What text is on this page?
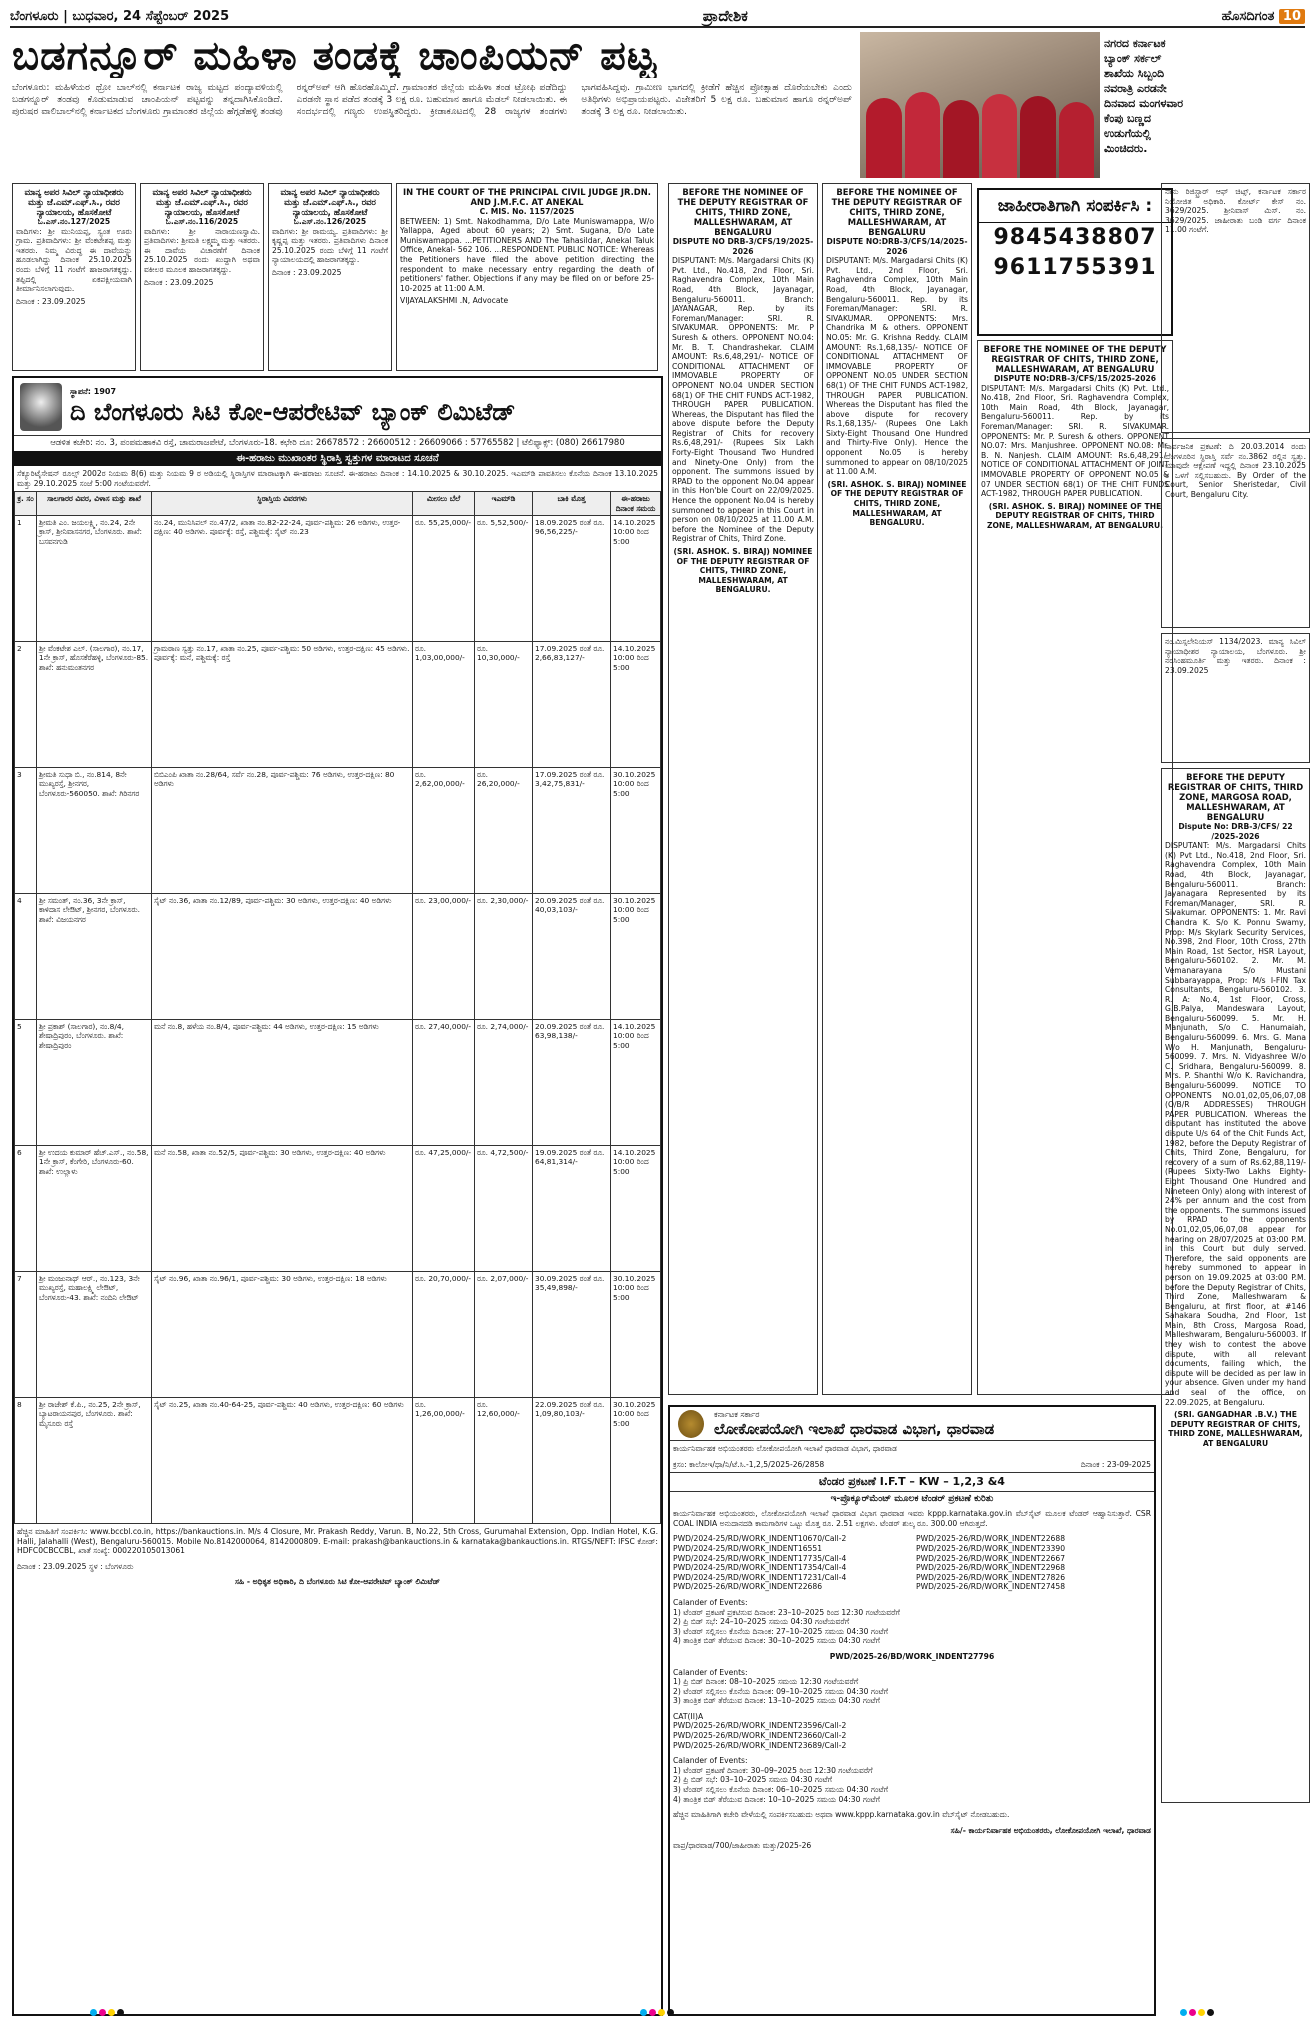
ಬೆಂಗಳೂರು | ಬುಧವಾರ, 24 ಸೆಪ್ಟೆಂಬರ್ 2025	ಪ್ರಾದೇಶಿಕ	ಹೊಸದಿಗಂತ 10
ಬಡಗನ್ನೂರ್ ಮಹಿಳಾ ತಂಡಕ್ಕೆ ಚಾಂಪಿಯನ್ ಪಟ್ಟ
ಬೆಂಗಳೂರು: ಮಹಿಳೆಯರ ಥ್ರೋ ಬಾಲ್‌ನಲ್ಲಿ ಕರ್ನಾಟಕ ರಾಜ್ಯ ಮಟ್ಟದ ಪಂದ್ಯಾವಳಿಯಲ್ಲಿ ಬಡಗನ್ನೂರ್ ತಂಡವು ಕೊಡುಮಾಡುವ ಚಾಂಪಿಯನ್ ಪಟ್ಟವನ್ನು ತನ್ನದಾಗಿಸಿಕೊಂಡಿದೆ. ಪುರುಷರ ವಾಲಿಬಾಲ್‌ನಲ್ಲಿ ಕರ್ನಾಟಕದ ಬೆಂಗಳೂರು ಗ್ರಾಮಾಂತರ ಜಿಲ್ಲೆಯ ಹೆಗ್ಗಡೆಹಳ್ಳಿ ತಂಡವು ರನ್ನರ್‌ಅಪ್ ಆಗಿ ಹೊರಹೊಮ್ಮಿದೆ. ಗ್ರಾಮಾಂತರ ಜಿಲ್ಲೆಯ ಮಹಿಳಾ ತಂಡ ಟ್ರೋಫಿ ಪಡೆದಿದ್ದು ಎರಡನೇ ಸ್ಥಾನ ಪಡೆದ ತಂಡಕ್ಕೆ 3 ಲಕ್ಷ ರೂ. ಬಹುಮಾನ ಹಾಗೂ ಮೆಡಲ್ ನೀಡಲಾಯಿತು. ಈ ಸಂದರ್ಭದಲ್ಲಿ ಗಣ್ಯರು ಉಪಸ್ಥಿತರಿದ್ದರು. ಕ್ರೀಡಾಕೂಟದಲ್ಲಿ 28 ರಾಜ್ಯಗಳ ತಂಡಗಳು ಭಾಗವಹಿಸಿದ್ದವು. ಗ್ರಾಮೀಣ ಭಾಗದಲ್ಲಿ ಕ್ರೀಡೆಗೆ ಹೆಚ್ಚಿನ ಪ್ರೋತ್ಸಾಹ ದೊರೆಯಬೇಕು ಎಂದು ಅತಿಥಿಗಳು ಅಭಿಪ್ರಾಯಪಟ್ಟರು. ವಿಜೇತರಿಗೆ 5 ಲಕ್ಷ ರೂ. ಬಹುಮಾನ ಹಾಗೂ ರನ್ನರ್‌ಅಪ್ ತಂಡಕ್ಕೆ 3 ಲಕ್ಷ ರೂ. ನೀಡಲಾಯಿತು.
ನಗರದ ಕರ್ನಾಟಕ ಬ್ಯಾಂಕ್ ಸರ್ಕಲ್ ಶಾಖೆಯ ಸಿಬ್ಬಂದಿ ನವರಾತ್ರಿ ಎರಡನೇ ದಿನವಾದ ಮಂಗಳವಾರ ಕೆಂಪು ಬಣ್ಣದ ಉಡುಗೆಯಲ್ಲಿ ಮಿಂಚಿದರು.
ಮಾನ್ಯ ಅಪರ ಸಿವಿಲ್ ನ್ಯಾಯಾಧೀಶರು ಮತ್ತು ಜೆ.ಎಮ್.ಎಫ್.ಸಿ., ರವರ ನ್ಯಾಯಾಲಯ, ಹೊಸಕೋಟೆ
ಓ.ಎಸ್.ನಂ.127/2025

ವಾದಿಗಳು: ಶ್ರೀ ಮುನಿಯಪ್ಪ, ಸ್ವಂತ ಊರು ಗ್ರಾಮ. ಪ್ರತಿವಾದಿಗಳು: ಶ್ರೀ ವೆಂಕಟೇಶಪ್ಪ ಮತ್ತು ಇತರರು. ನಿಮ್ಮ ವಿರುದ್ಧ ಈ ದಾವೆಯನ್ನು ಹೂಡಲಾಗಿದ್ದು ದಿನಾಂಕ 25.10.2025 ರಂದು ಬೆಳಿಗ್ಗೆ 11 ಗಂಟೆಗೆ ಹಾಜರಾಗತಕ್ಕದ್ದು. ತಪ್ಪಿದಲ್ಲಿ ಏಕಪಕ್ಷೀಯವಾಗಿ ತೀರ್ಮಾನಿಸಲಾಗುವುದು.

ದಿನಾಂಕ : 23.09.2025

ಮಾನ್ಯ ಅಪರ ಸಿವಿಲ್ ನ್ಯಾಯಾಧೀಶರು ಮತ್ತು ಜೆ.ಎಮ್.ಎಫ್.ಸಿ., ರವರ ನ್ಯಾಯಾಲಯ, ಹೊಸಕೋಟೆ
ಓ.ಎಸ್.ನಂ.116/2025

ವಾದಿಗಳು: ಶ್ರೀ ನಾರಾಯಣಸ್ವಾಮಿ. ಪ್ರತಿವಾದಿಗಳು: ಶ್ರೀಮತಿ ಲಕ್ಷ್ಮಮ್ಮ ಮತ್ತು ಇತರರು. ಈ ದಾವೆಯ ವಿಚಾರಣೆಗೆ ದಿನಾಂಕ 25.10.2025 ರಂದು ಖುದ್ದಾಗಿ ಅಥವಾ ವಕೀಲರ ಮೂಲಕ ಹಾಜರಾಗತಕ್ಕದ್ದು.

ದಿನಾಂಕ : 23.09.2025

ಮಾನ್ಯ ಅಪರ ಸಿವಿಲ್ ನ್ಯಾಯಾಧೀಶರು ಮತ್ತು ಜೆ.ಎಮ್.ಎಫ್.ಸಿ., ರವರ ನ್ಯಾಯಾಲಯ, ಹೊಸಕೋಟೆ
ಓ.ಎಸ್.ನಂ.126/2025

ವಾದಿಗಳು: ಶ್ರೀ ರಾಮಯ್ಯ. ಪ್ರತಿವಾದಿಗಳು: ಶ್ರೀ ಕೃಷ್ಣಪ್ಪ ಮತ್ತು ಇತರರು. ಪ್ರತಿವಾದಿಗಳು ದಿನಾಂಕ 25.10.2025 ರಂದು ಬೆಳಿಗ್ಗೆ 11 ಗಂಟೆಗೆ ನ್ಯಾಯಾಲಯದಲ್ಲಿ ಹಾಜರಾಗತಕ್ಕದ್ದು.

ದಿನಾಂಕ : 23.09.2025

IN THE COURT OF THE PRINCIPAL CIVIL JUDGE JR.DN. AND J.M.F.C. AT ANEKAL
C. MIS. No. 1157/2025

BETWEEN: 1) Smt. Nakodhamma, D/o Late Muniswamappa, W/o Yallappa, Aged about 60 years; 2) Smt. Sugana, D/o Late Muniswamappa. ...PETITIONERS AND The Tahasildar, Anekal Taluk Office, Anekal- 562 106. ...RESPONDENT. PUBLIC NOTICE: Whereas the Petitioners have filed the above petition directing the respondent to make necessary entry regarding the death of petitioners' father. Objections if any may be filed on or before 25-10-2025 at 11:00 A.M.

VIJAYALAKSHMI .N, Advocate

BEFORE THE NOMINEE OF THE DEPUTY REGISTRAR OF CHITS, THIRD ZONE, MALLESHWARAM, AT BENGALURU
DISPUTE NO DRB-3/CFS/19/2025-2026

DISPUTANT: M/s. Margadarsi Chits (K) Pvt. Ltd., No.418, 2nd Floor, Sri. Raghavendra Complex, 10th Main Road, 4th Block, Jayanagar, Bengaluru-560011. Branch: JAYANAGAR, Rep. by its Foreman/Manager: SRI. R. SIVAKUMAR. OPPONENTS: Mr. P Suresh & others. OPPONENT NO.04: Mr. B. T. Chandrashekar. CLAIM AMOUNT: Rs.6,48,291/- NOTICE OF CONDITIONAL ATTACHMENT OF IMMOVABLE PROPERTY OF OPPONENT NO.04 UNDER SECTION 68(1) OF THE CHIT FUNDS ACT-1982, THROUGH PAPER PUBLICATION. Whereas, the Disputant has filed the above dispute before the Deputy Registrar of Chits for recovery Rs.6,48,291/- (Rupees Six Lakh Forty-Eight Thousand Two Hundred and Ninety-One Only) from the opponent. The summons issued by RPAD to the opponent No.04 appear in this Hon'ble Court on 22/09/2025. Hence the opponent No.04 is hereby summoned to appear in this Court in person on 08/10/2025 at 11.00 A.M. before the Nominee of the Deputy Registrar of Chits, Third Zone.

(SRI. ASHOK. S. BIRAJ) NOMINEE OF THE DEPUTY REGISTRAR OF CHITS, THIRD ZONE, MALLESHWARAM, AT BENGALURU.

BEFORE THE NOMINEE OF THE DEPUTY REGISTRAR OF CHITS, THIRD ZONE, MALLESHWARAM, AT BENGALURU
DISPUTE NO:DRB-3/CFS/14/2025-2026

DISPUTANT: M/s. Margadarsi Chits (K) Pvt. Ltd., 2nd Floor, Sri. Raghavendra Complex, 10th Main Road, 4th Block, Jayanagar, Bengaluru-560011. Rep. by its Foreman/Manager: SRI. R. SIVAKUMAR. OPPONENTS: Mrs. Chandrika M & others. OPPONENT NO.05: Mr. G. Krishna Reddy. CLAIM AMOUNT: Rs.1,68,135/- NOTICE OF CONDITIONAL ATTACHMENT OF IMMOVABLE PROPERTY OF OPPONENT NO.05 UNDER SECTION 68(1) OF THE CHIT FUNDS ACT-1982, THROUGH PAPER PUBLICATION. Whereas the Disputant has filed the above dispute for recovery Rs.1,68,135/- (Rupees One Lakh Sixty-Eight Thousand One Hundred and Thirty-Five Only). Hence the opponent No.05 is hereby summoned to appear on 08/10/2025 at 11.00 A.M.

(SRI. ASHOK. S. BIRAJ) NOMINEE OF THE DEPUTY REGISTRAR OF CHITS, THIRD ZONE, MALLESHWARAM, AT BENGALURU.

ಜಾಹೀರಾತಿಗಾಗಿ ಸಂಪರ್ಕಿಸಿ :
9845438807
9611755391
BEFORE THE NOMINEE OF THE DEPUTY REGISTRAR OF CHITS, THIRD ZONE, MALLESHWARAM, AT BENGALURU
DISPUTE NO:DRB-3/CFS/15/2025-2026

DISPUTANT: M/s. Margadarsi Chits (K) Pvt. Ltd., No.418, 2nd Floor, Sri. Raghavendra Complex, 10th Main Road, 4th Block, Jayanagar, Bengaluru-560011. Rep. by its Foreman/Manager: SRI. R. SIVAKUMAR. OPPONENTS: Mr. P. Suresh & others. OPPONENT NO.07: Mrs. Manjushree. OPPONENT NO.08: Mr. B. N. Nanjesh. CLAIM AMOUNT: Rs.6,48,291/- NOTICE OF CONDITIONAL ATTACHMENT OF JOINT IMMOVABLE PROPERTY OF OPPONENT NO.05 & 07 UNDER SECTION 68(1) OF THE CHIT FUNDS ACT-1982, THROUGH PAPER PUBLICATION.

(SRI. ASHOK. S. BIRAJ) NOMINEE OF THE DEPUTY REGISTRAR OF CHITS, THIRD ZONE, MALLESHWARAM, AT BENGALURU.

ಸ್ಥಾಪನೆ: 1907
ದಿ ಬೆಂಗಳೂರು ಸಿಟಿ ಕೋ-ಆಪರೇಟಿವ್ ಬ್ಯಾಂಕ್ ಲಿಮಿಟೆಡ್
ಆಡಳಿತ ಕಚೇರಿ: ನಂ. 3, ಪಂಪಮಹಾಕವಿ ರಸ್ತೆ, ಚಾಮರಾಜಪೇಟೆ, ಬೆಂಗಳೂರು-18. ಕಛೇರಿ ದೂ: 26678572 : 26600512 : 26609066 : 57765582 | ಟೆಲಿಫ್ಯಾಕ್ಸ್: (080) 26617980
ಈ-ಹರಾಜು ಮುಖಾಂತರ ಸ್ಥಿರಾಸ್ತಿ ಸ್ವತ್ತುಗಳ ಮಾರಾಟದ ಸೂಚನೆ
ಸೆಕ್ಯೂರಿಟೈಸೇಷನ್ ರೂಲ್ಸ್ 2002ರ ನಿಯಮ 8(6) ಮತ್ತು ನಿಯಮ 9 ರ ಅಡಿಯಲ್ಲಿ ಸ್ಥಿರಾಸ್ತಿಗಳ ಮಾರಾಟಕ್ಕಾಗಿ ಈ-ಹರಾಜು ಸೂಚನೆ. ಈ-ಹರಾಜು ದಿನಾಂಕ : 14.10.2025 & 30.10.2025. ಇಎಮ್‌ಡಿ ಪಾವತಿಸಲು ಕೊನೆಯ ದಿನಾಂಕ 13.10.2025 ಮತ್ತು 29.10.2025 ಸಂಜೆ 5:00 ಗಂಟೆಯವರೆಗೆ.
ಕ್ರ. ಸಂ	ಸಾಲಗಾರರ ವಿವರ, ವಿಳಾಸ ಮತ್ತು ಶಾಖೆ	ಸ್ಥಿರಾಸ್ತಿಯ ವಿವರಗಳು	ಮೀಸಲು ಬೆಲೆ	ಇಎಮ್‌ಡಿ	ಬಾಕಿ ಮೊತ್ತ	ಈ-ಹರಾಜು ದಿನಾಂಕ ಸಮಯ
1	ಶ್ರೀಮತಿ ಎಂ. ಜಯಲಕ್ಷ್ಮಿ, ನಂ.24, 2ನೇ ಕ್ರಾಸ್, ಶ್ರೀನಿವಾಸನಗರ, ಬೆಂಗಳೂರು. ಶಾಖೆ: ಬಸವನಗುಡಿ	ನಂ.24, ಮುನಿಸಿಪಲ್ ನಂ.47/2, ಖಾತಾ ನಂ.82-22-24, ಪೂರ್ವ-ಪಶ್ಚಿಮ: 26 ಅಡಿಗಳು, ಉತ್ತರ-ದಕ್ಷಿಣ: 40 ಅಡಿಗಳು. ಪೂರ್ವಕ್ಕೆ: ರಸ್ತೆ, ಪಶ್ಚಿಮಕ್ಕೆ: ಸೈಟ್ ನಂ.23	ರೂ. 55,25,000/-	ರೂ. 5,52,500/-	18.09.2025 ರಂತೆ ರೂ. 96,56,225/-	14.10.2025 10:00 ರಿಂದ 5:00
2	ಶ್ರೀ ವೆಂಕಟೇಶ ಎಲ್. (ಸಾಲಗಾರ), ನಂ.17, 1ನೇ ಕ್ರಾಸ್, ಹೊಸಕೆರೆಹಳ್ಳಿ, ಬೆಂಗಳೂರು-85. ಶಾಖೆ: ಹನುಮಂತನಗರ	ಗ್ರಾಮಠಾಣ ಸ್ವತ್ತು ನಂ.17, ಖಾತಾ ನಂ.25, ಪೂರ್ವ-ಪಶ್ಚಿಮ: 50 ಅಡಿಗಳು, ಉತ್ತರ-ದಕ್ಷಿಣ: 45 ಅಡಿಗಳು. ಪೂರ್ವಕ್ಕೆ: ಮನೆ, ಪಶ್ಚಿಮಕ್ಕೆ: ರಸ್ತೆ	ರೂ. 1,03,00,000/-	ರೂ. 10,30,000/-	17.09.2025 ರಂತೆ ರೂ. 2,66,83,127/-	14.10.2025 10:00 ರಿಂದ 5:00
3	ಶ್ರೀಮತಿ ಸುಧಾ ಬಿ., ನಂ.814, 8ನೇ ಮುಖ್ಯರಸ್ತೆ, ಶ್ರೀನಗರ, ಬೆಂಗಳೂರು-560050. ಶಾಖೆ: ಗಿರಿನಗರ	ಬಿಬಿಎಂಪಿ ಖಾತಾ ನಂ.28/64, ಸರ್ವೆ ನಂ.28, ಪೂರ್ವ-ಪಶ್ಚಿಮ: 76 ಅಡಿಗಳು, ಉತ್ತರ-ದಕ್ಷಿಣ: 80 ಅಡಿಗಳು	ರೂ. 2,62,00,000/-	ರೂ. 26,20,000/-	17.09.2025 ರಂತೆ ರೂ. 3,42,75,831/-	30.10.2025 10:00 ರಿಂದ 5:00
4	ಶ್ರೀ ಸಮಂತ್, ನಂ.36, 3ನೇ ಕ್ರಾಸ್, ಕಾಳಿದಾಸ ಲೇಔಟ್, ಶ್ರೀನಗರ, ಬೆಂಗಳೂರು. ಶಾಖೆ: ವಿಜಯನಗರ	ಸೈಟ್ ನಂ.36, ಖಾತಾ ನಂ.12/89, ಪೂರ್ವ-ಪಶ್ಚಿಮ: 30 ಅಡಿಗಳು, ಉತ್ತರ-ದಕ್ಷಿಣ: 40 ಅಡಿಗಳು	ರೂ. 23,00,000/-	ರೂ. 2,30,000/-	20.09.2025 ರಂತೆ ರೂ. 40,03,103/-	30.10.2025 10:00 ರಿಂದ 5:00
5	ಶ್ರೀ ಪ್ರಕಾಶ್ (ಸಾಲಗಾರ), ನಂ.8/4, ಶೇಷಾದ್ರಿಪುರಂ, ಬೆಂಗಳೂರು. ಶಾಖೆ: ಶೇಷಾದ್ರಿಪುರಂ	ಮನೆ ನಂ.8, ಹಳೆಯ ನಂ.8/4, ಪೂರ್ವ-ಪಶ್ಚಿಮ: 44 ಅಡಿಗಳು, ಉತ್ತರ-ದಕ್ಷಿಣ: 15 ಅಡಿಗಳು	ರೂ. 27,40,000/-	ರೂ. 2,74,000/-	20.09.2025 ರಂತೆ ರೂ. 63,98,138/-	14.10.2025 10:00 ರಿಂದ 5:00
6	ಶ್ರೀ ಉದಯ ಕುಮಾರ್ ಹೆಚ್.ಎಸ್., ನಂ.58, 1ನೇ ಕ್ರಾಸ್, ಕೆಂಗೇರಿ, ಬೆಂಗಳೂರು-60. ಶಾಖೆ: ಉಲ್ಲಾಳು	ಮನೆ ನಂ.58, ಖಾತಾ ನಂ.52/5, ಪೂರ್ವ-ಪಶ್ಚಿಮ: 30 ಅಡಿಗಳು, ಉತ್ತರ-ದಕ್ಷಿಣ: 40 ಅಡಿಗಳು	ರೂ. 47,25,000/-	ರೂ. 4,72,500/-	19.09.2025 ರಂತೆ ರೂ. 64,81,314/-	14.10.2025 10:00 ರಿಂದ 5:00
7	ಶ್ರೀ ಮಂಜುನಾಥ್ ಆರ್., ನಂ.123, 3ನೇ ಮುಖ್ಯರಸ್ತೆ, ಮಹಾಲಕ್ಷ್ಮಿ ಲೇಔಟ್, ಬೆಂಗಳೂರು-43. ಶಾಖೆ: ನಂದಿನಿ ಲೇಔಟ್	ಸೈಟ್ ನಂ.96, ಖಾತಾ ನಂ.96/1, ಪೂರ್ವ-ಪಶ್ಚಿಮ: 30 ಅಡಿಗಳು, ಉತ್ತರ-ದಕ್ಷಿಣ: 18 ಅಡಿಗಳು	ರೂ. 20,70,000/-	ರೂ. 2,07,000/-	30.09.2025 ರಂತೆ ರೂ. 35,49,898/-	30.10.2025 10:00 ರಿಂದ 5:00
8	ಶ್ರೀ ರಾಜೇಶ್ ಕೆ.ಪಿ., ನಂ.25, 2ನೇ ಕ್ರಾಸ್, ಬ್ಯಾಟರಾಯನಪುರ, ಬೆಂಗಳೂರು. ಶಾಖೆ: ಮೈಸೂರು ರಸ್ತೆ	ಸೈಟ್ ನಂ.25, ಖಾತಾ ನಂ.40-64-25, ಪೂರ್ವ-ಪಶ್ಚಿಮ: 40 ಅಡಿಗಳು, ಉತ್ತರ-ದಕ್ಷಿಣ: 60 ಅಡಿಗಳು	ರೂ. 1,26,00,000/-	ರೂ. 12,60,000/-	22.09.2025 ರಂತೆ ರೂ. 1,09,80,103/-	30.10.2025 10:00 ರಿಂದ 5:00
ಹೆಚ್ಚಿನ ಮಾಹಿತಿಗೆ ಸಂಪರ್ಕಿಸಿ: www.bccbl.co.in, https://bankauctions.in. M/s 4 Closure, Mr. Prakash Reddy, Varun. B, No.22, 5th Cross, Gurumahal Extension, Opp. Indian Hotel, K.G. Halli, Jalahalli (West), Bengaluru-560015. Mobile No.8142000064, 8142000809. E-mail: prakash@bankauctions.in & karnataka@bankauctions.in. RTGS/NEFT: IFSC ಕೋಡ್: HDFC0CBCCBL, ಖಾತೆ ಸಂಖ್ಯೆ: 000220105013061
ದಿನಾಂಕ : 23.09.2025 ಸ್ಥಳ : ಬೆಂಗಳೂರು
ಸಹಿ - ಅಧಿಕೃತ ಅಧಿಕಾರಿ, ದಿ ಬೆಂಗಳೂರು ಸಿಟಿ ಕೋ-ಆಪರೇಟಿವ್ ಬ್ಯಾಂಕ್ ಲಿಮಿಟೆಡ್
ಕರ್ನಾಟಕ ಸರ್ಕಾರ
ಲೋಕೋಪಯೋಗಿ ಇಲಾಖೆ ಧಾರವಾಡ ವಿಭಾಗ, ಧಾರವಾಡ
ಕಾರ್ಯನಿರ್ವಾಹಕ ಅಭಿಯಂತರರು ಲೋಕೋಪಯೋಗಿ ಇಲಾಖೆ ಧಾರವಾಡ ವಿಭಾಗ, ಧಾರವಾಡ
ಕ್ರಸಂ: ಕಾಲೋಇ/ಧಾ/ನಿ/ಟೆ.ಸಿ.-1,2,5/2025-26/2858	ದಿನಾಂಕ : 23-09-2025
ಟೆಂಡರ ಪ್ರಕಟಣೆ I.F.T – KW – 1,2,3 &4
ಇ-ಪ್ರೊಕ್ಯೂರ್‌ಮೆಂಟ್ ಮೂಲಕ ಟೆಂಡರ್ ಪ್ರಕಟಣೆ ಕುರಿತು
ಕಾರ್ಯನಿರ್ವಾಹಕ ಅಭಿಯಂತರರು, ಲೋಕೋಪಯೋಗಿ ಇಲಾಖೆ ಧಾರವಾಡ ವಿಭಾಗ ಧಾರವಾಡ ಇವರು kppp.karnataka.gov.in ವೆಬ್‌ಸೈಟ್ ಮೂಲಕ ಟೆಂಡರ್ ಆಹ್ವಾನಿಸುತ್ತಾರೆ. CSR COAL INDIA ಅನುದಾನದಡಿ ಕಾಮಗಾರಿಗಳ ಒಟ್ಟು ಮೊತ್ತ ರೂ. 2.51 ಲಕ್ಷಗಳು. ಟೆಂಡರ್ ಶುಲ್ಕ ರೂ. 300.00 ಆಗಿರುತ್ತದೆ.
PWD/2024-25/RD/WORK_INDENT10670/Call-2
PWD/2024-25/RD/WORK_INDENT16551
PWD/2024-25/RD/WORK_INDENT17735/Call-4
PWD/2024-25/RD/WORK_INDENT17354/Call-4
PWD/2024-25/RD/WORK_INDENT17231/Call-4
PWD/2025-26/RD/WORK_INDENT22686
PWD/2025-26/RD/WORK_INDENT22688
PWD/2025-26/RD/WORK_INDENT23390
PWD/2025-26/RD/WORK_INDENT22667
PWD/2025-26/RD/WORK_INDENT22968
PWD/2025-26/RD/WORK_INDENT27826
PWD/2025-26/RD/WORK_INDENT27458
Calander of Events:
1) ಟೆಂಡರ್ ಪ್ರಕಟಣೆ ಪ್ರಕಟಿಸುವ ದಿನಾಂಕ: 23–10–2025 ರಿಂದ 12:30 ಗಂಟೆಯವರೆಗೆ
2) ಪ್ರಿ ಬಿಡ್ ಸಭೆ: 24–10–2025 ಸಮಯ 04:30 ಗಂಟೆಯವರೆಗೆ
3) ಟೆಂಡರ್ ಸಲ್ಲಿಸಲು ಕೊನೆಯ ದಿನಾಂಕ: 27–10–2025 ಸಮಯ 04:30 ಗಂಟೆಗೆ
4) ತಾಂತ್ರಿಕ ಬಿಡ್ ತೆರೆಯುವ ದಿನಾಂಕ: 30–10–2025 ಸಮಯ 04:30 ಗಂಟೆಗೆ
PWD/2025-26/BD/WORK_INDENT27796
Calander of Events:
1) ಪ್ರಿ ಬಿಡ್ ದಿನಾಂಕ: 08–10–2025 ಸಮಯ 12:30 ಗಂಟೆಯವರೆಗೆ
2) ಟೆಂಡರ್ ಸಲ್ಲಿಸಲು ಕೊನೆಯ ದಿನಾಂಕ: 09–10–2025 ಸಮಯ 04:30 ಗಂಟೆಗೆ
3) ತಾಂತ್ರಿಕ ಬಿಡ್ ತೆರೆಯುವ ದಿನಾಂಕ: 13–10–2025 ಸಮಯ 04:30 ಗಂಟೆಗೆ
CAT(II)A
PWD/2025-26/RD/WORK_INDENT23596/Call-2
PWD/2025-26/RD/WORK_INDENT23660/Call-2
PWD/2025-26/RD/WORK_INDENT23689/Call-2
Calander of Events:
1) ಟೆಂಡರ್ ಪ್ರಕಟಣೆ ದಿನಾಂಕ: 30–09–2025 ರಿಂದ 12:30 ಗಂಟೆಯವರೆಗೆ
2) ಪ್ರಿ ಬಿಡ್ ಸಭೆ: 03–10–2025 ಸಮಯ 04:30 ಗಂಟೆಗೆ
3) ಟೆಂಡರ್ ಸಲ್ಲಿಸಲು ಕೊನೆಯ ದಿನಾಂಕ: 06–10–2025 ಸಮಯ 04:30 ಗಂಟೆಗೆ
4) ತಾಂತ್ರಿಕ ಬಿಡ್ ತೆರೆಯುವ ದಿನಾಂಕ: 10–10–2025 ಸಮಯ 04:30 ಗಂಟೆಗೆ
ಹೆಚ್ಚಿನ ಮಾಹಿತಿಗಾಗಿ ಕಚೇರಿ ವೇಳೆಯಲ್ಲಿ ಸಂಪರ್ಕಿಸಬಹುದು ಅಥವಾ www.kppp.karnataka.gov.in ವೆಬ್‌ಸೈಟ್ ನೋಡಬಹುದು.
ಸಹಿ/- ಕಾರ್ಯನಿರ್ವಾಹಕ ಅಭಿಯಂತರರು, ಲೋಕೋಪಯೋಗಿ ಇಲಾಖೆ, ಧಾರವಾಡ
ವಾಪ್ರ/ಧಾರವಾಡ/700/ಜಾಹೀರಾತು ಮತ್ತು/2025-26
ನಾನು ರಿಜಿಸ್ಟ್ರಾರ್ ಆಫ್ ಚಿಟ್ಸ್, ಕರ್ನಾಟಕ ಸರ್ಕಾರ ನಿಯೋಜಿತ ಅಧಿಕಾರಿ. ಕೋರ್ಟ್ ಕೇಸ್ ನಂ. 3629/2025. ಶ್ರೀನಿವಾಸ್ ಮಿಸ್. ನಂ. 3629/2025. ಜಾಹೀರಾತು ಬಂಡಿ ವರ್ಗ ದಿನಾಂಕ 11.00 ಗಂಟೆಗೆ.
ಸಾರ್ವಜನಿಕ ಪ್ರಕಟಣೆ: ದಿ 20.03.2014 ರಂದು ಬೆಂಗಳೂರಿನ ಸ್ಥಿರಾಸ್ತಿ ಸರ್ವೆ ನಂ.3862 ರಲ್ಲಿನ ಸ್ವತ್ತು. ಯಾವುದೇ ಆಕ್ಷೇಪಣೆ ಇದ್ದಲ್ಲಿ ದಿನಾಂಕ 23.10.2025 ರ ಒಳಗೆ ಸಲ್ಲಿಸಬಹುದು. By Order of the Court, Senior Sheristedar, Civil Court, Bengaluru City.
ನಂ.ಮಿಸ್ಸಲೇನಿಯಸ್ 1134/2023. ಮಾನ್ಯ ಸಿವಿಲ್ ನ್ಯಾಯಾಧೀಶರ ನ್ಯಾಯಾಲಯ, ಬೆಂಗಳೂರು. ಶ್ರೀ ನರಸಿಂಹಮೂರ್ತಿ ಮತ್ತು ಇತರರು. ದಿನಾಂಕ : 23.09.2025
BEFORE THE DEPUTY REGISTRAR OF CHITS, THIRD ZONE, MARGOSA ROAD, MALLESHWARAM, AT BENGALURU
Dispute No: DRB-3/CFS/ 22 /2025-2026

DISPUTANT: M/s. Margadarsi Chits (K) Pvt Ltd., No.418, 2nd Floor, Sri. Raghavendra Complex, 10th Main Road, 4th Block, Jayanagar, Bengaluru-560011. Branch: Jayanagara Represented by its Foreman/Manager, SRI. R. Sivakumar. OPPONENTS: 1. Mr. Ravi Chandra K. S/o K. Ponnu Swamy, Prop: M/s Skylark Security Services, No.398, 2nd Floor, 10th Cross, 27th Main Road, 1st Sector, HSR Layout, Bengaluru-560102. 2. Mr. M. Vemanarayana S/o Mustani Subbarayappa, Prop: M/s I-FIN Tax Consultants, Bengaluru-560102. 3. R. A: No.4, 1st Floor, Cross, G.B.Palya, Mandeswara Layout, Bengaluru-560099. 5. Mr. H. Manjunath, S/o C. Hanumaiah, Bengaluru-560099. 6. Mrs. G. Mana W/o H. Manjunath, Bengaluru-560099. 7. Mrs. N. Vidyashree W/o C. Sridhara, Bengaluru-560099. 8. Mrs. P. Shanthi W/o K. Ravichandra, Bengaluru-560099. NOTICE TO OPPONENTS NO.01,02,05,06,07,08 (O/B/R ADDRESSES) THROUGH PAPER PUBLICATION. Whereas the disputant has instituted the above dispute U/s 64 of the Chit Funds Act, 1982, before the Deputy Registrar of Chits, Third Zone, Bengaluru, for recovery of a sum of Rs.62,88,119/- (Rupees Sixty-Two Lakhs Eighty-Eight Thousand One Hundred and Nineteen Only) along with interest of 24% per annum and the cost from the opponents. The summons issued by RPAD to the opponents No.01,02,05,06,07,08 appear for hearing on 28/07/2025 at 03:00 P.M. in this Court but duly served. Therefore, the said opponents are hereby summoned to appear in person on 19.09.2025 at 03:00 P.M. before the Deputy Registrar of Chits, Third Zone, Malleshwaram & Bengaluru, at first floor, at #146 Sahakara Soudha, 2nd Floor, 1st Main, 8th Cross, Margosa Road, Malleshwaram, Bengaluru-560003. If they wish to contest the above dispute, with all relevant documents, failing which, the dispute will be decided as per law in your absence. Given under my hand and seal of the office, on 22.09.2025, at Bengaluru.

(SRI. GANGADHAR .B.V.) THE DEPUTY REGISTRAR OF CHITS, THIRD ZONE, MALLESHWARAM, AT BENGALURU
